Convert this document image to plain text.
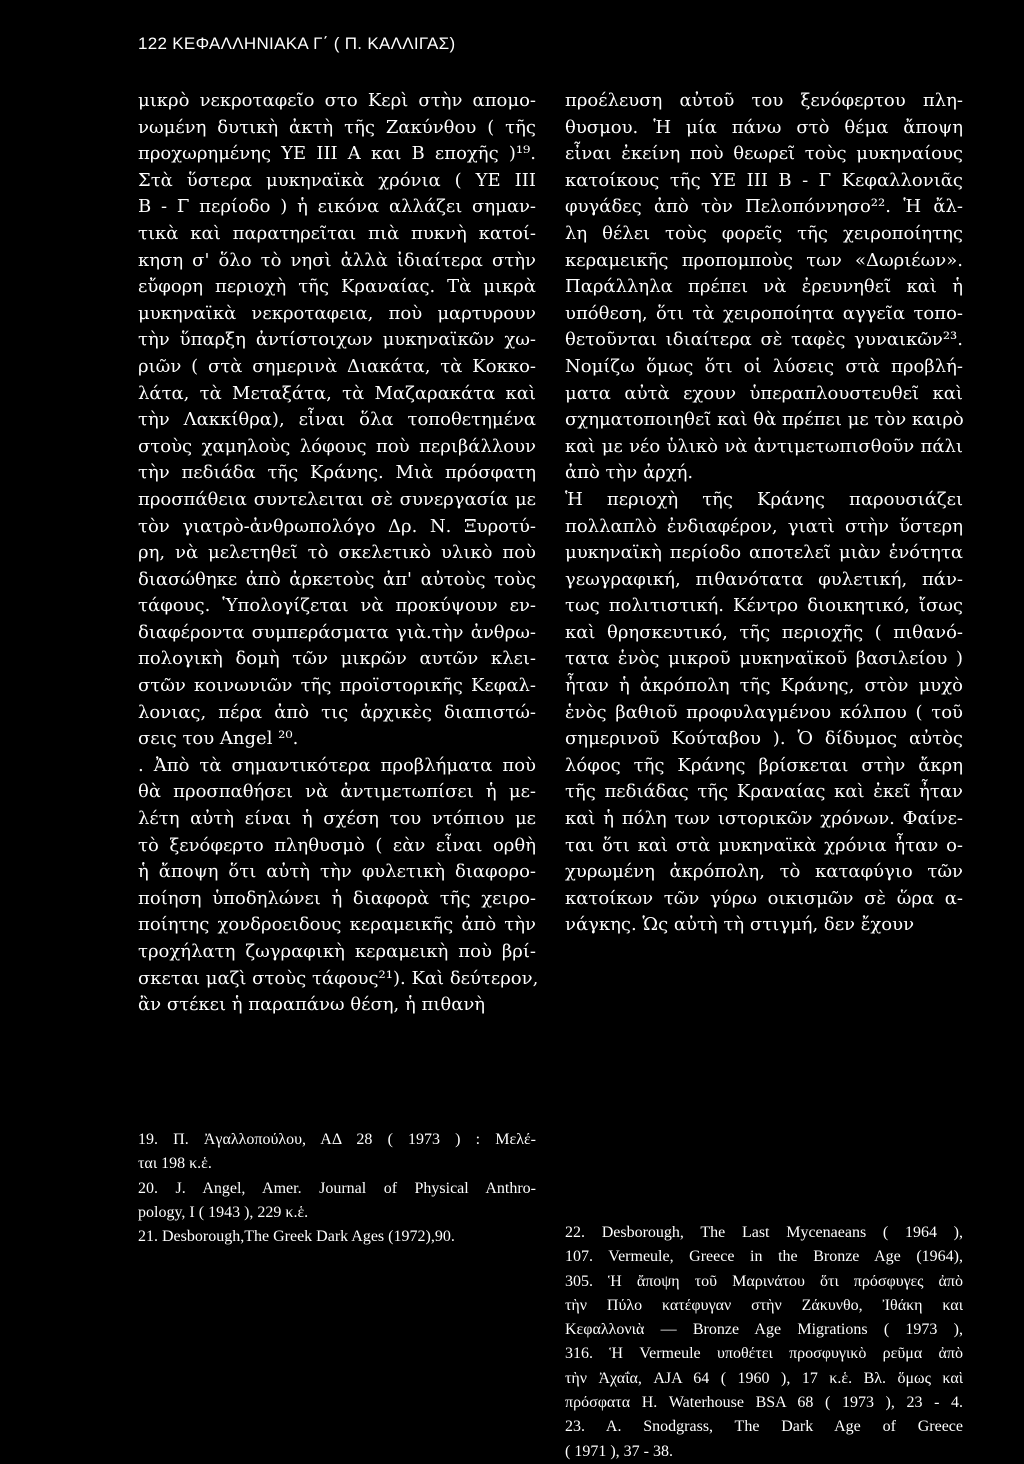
122 ΚΕΦΑΛΛΗΝΙΑΚΑ Γ΄ ( Π. ΚΑΛΛΙΓΑΣ)
μικρὸ νεκροταφεῖο στο Κερὶ στὴν απομο-
νωμένη δυτικὴ ἀκτὴ τῆς Ζακύνθου ( τῆς
προχωρημένης ΥΕ ΙΙΙ Α και Β εποχῆς )¹⁹.
Στὰ ὕστερα μυκηναϊκὰ χρόνια ( ΥΕ ΙΙΙ
Β - Γ περίοδο ) ἡ εικόνα αλλάζει σημαν-
τικὰ καὶ παρατηρεῖται πιὰ πυκνὴ κατοί-
κηση σ' ὅλο τὸ νησὶ ἀλλὰ ἰδιαίτερα στὴν
εὔφορη περιοχὴ τῆς Κραναίας. Τὰ μικρὰ
μυκηναϊκὰ νεκροταφεια, ποὺ μαρτυρουν
τὴν ὕπαρξη ἀντίστοιχων μυκηναϊκῶν χω-
ριῶν ( στὰ σημερινὰ Διακάτα, τὰ Κοκκο-
λάτα, τὰ Μεταξάτα, τὰ Μαζαρακάτα καὶ
τὴν Λακκίθρα), εἶναι ὅλα τοποθετημένα
στοὺς χαμηλοὺς λόφους ποὺ περιβάλλουν
τὴν πεδιάδα τῆς Κράνης. Μιὰ πρόσφατη
προσπάθεια συντελειται σὲ συνεργασία με
τὸν γιατρὸ-ἀνθρωπολόγο Δρ. Ν. Ξυροτύ-
ρη, νὰ μελετηθεῖ τὸ σκελετικὸ υλικὸ ποὺ
διασώθηκε ἀπὸ ἀρκετοὺς ἀπ' αὐτοὺς τοὺς
τάφους. Ὑπολογίζεται νὰ προκύψουν εν-
διαφέροντα συμπεράσματα γιὰ.τὴν ἀνθρω-
πολογικὴ δομὴ τῶν μικρῶν αυτῶν κλει-
στῶν κοινωνιῶν τῆς προϊστορικῆς Κεφαλ-
λονιας, πέρα ἀπὸ τις ἀρχικὲς διαπιστώ-
σεις του Angel ²⁰.
. Ἀπὸ τὰ σημαντικότερα προβλήματα ποὺ
θὰ προσπαθήσει νὰ ἀντιμετωπίσει ἡ με-
λέτη αὐτὴ είναι ἡ σχέση του ντόπιου με
τὸ ξενόφερτο πληθυσμὸ ( εὰν εἶναι ορθὴ
ἡ ἄποψη ὅτι αὐτὴ τὴν φυλετικὴ διαφορο-
ποίηση ὑποδηλώνει ἡ διαφορὰ τῆς χειρο-
ποίητης χονδροειδους κεραμεικῆς ἀπὸ τὴν
τροχήλατη ζωγραφικὴ κεραμεικὴ ποὺ βρί-
σκεται μαζὶ στοὺς τάφους²¹). Καὶ δεύτερον,
ἂν στέκει ἡ παραπάνω θέση, ἡ πιθανὴ
19. Π. Ἀγαλλοπούλου, ΑΔ 28 ( 1973 ) : Μελέ-
ται 198 κ.ἑ.
20. J. Angel, Amer. Journal of Physical Anthro-
pology, I ( 1943 ), 229 κ.ἑ.
21. Desborough,The Greek Dark Ages (1972),90.
προέλευση αὐτοῦ του ξενόφερτου πλη-
θυσμου. Ἡ μία πάνω στὸ θέμα ἄποψη
εἶναι ἐκείνη ποὺ θεωρεῖ τοὺς μυκηναίους
κατοίκους τῆς ΥΕ ΙΙΙ Β - Γ Κεφαλλονιᾶς
φυγάδες ἀπὸ τὸν Πελοπόννησο²². Ἡ ἄλ-
λη θέλει τοὺς φορεῖς τῆς χειροποίητης
κεραμεικῆς προπομποὺς των «Δωριέων».
Παράλληλα πρέπει νὰ ἐρευνηθεῖ καὶ ἡ
υπόθεση, ὅτι τὰ χειροποίητα αγγεῖα τοπο-
θετοῦνται ιδιαίτερα σὲ ταφὲς γυναικῶν²³.
Νομίζω ὅμως ὅτι οἱ λύσεις στὰ προβλή-
ματα αὐτὰ εχουν ὑπεραπλουστευθεῖ καὶ
σχηματοποιηθεῖ καὶ θὰ πρέπει με τὸν καιρὸ
καὶ με νέο ὑλικὸ νὰ ἀντιμετωπισθοῦν πάλι
ἀπὸ τὴν ἀρχή.
Ἡ περιοχὴ τῆς Κράνης παρουσιάζει
πολλαπλὸ ἐνδιαφέρον, γιατὶ στὴν ὕστερη
μυκηναϊκὴ περίοδο αποτελεῖ μιὰν ἑνότητα
γεωγραφική, πιθανότατα φυλετική, πάν-
τως πολιτιστική. Κέντρο διοικητικό, ἴσως
καὶ θρησκευτικό, τῆς περιοχῆς ( πιθανό-
τατα ἑνὸς μικροῦ μυκηναϊκοῦ βασιλείου )
ἦταν ἡ ἀκρόπολη τῆς Κράνης, στὸν μυχὸ
ἑνὸς βαθιοῦ προφυλαγμένου κόλπου ( τοῦ
σημερινοῦ Κούταβου ). Ὁ δίδυμος αὐτὸς
λόφος τῆς Κράνης βρίσκεται στὴν ἄκρη
τῆς πεδιάδας τῆς Κραναίας καὶ ἐκεῖ ἦταν
καὶ ἡ πόλη των ιστορικῶν χρόνων. Φαίνε-
ται ὅτι καὶ στὰ μυκηναϊκὰ χρόνια ἦταν ο-
χυρωμένη ἀκρόπολη, τὸ καταφύγιο τῶν
κατοίκων τῶν γύρω οικισμῶν σὲ ὥρα α-
νάγκης. Ὡς αὐτὴ τὴ στιγμή, δεν ἔχουν
22. Desborough, The Last Mycenaeans ( 1964 ),
107. Vermeule, Greece in the Bronze Age (1964),
305. Ἡ ἄποψη τοῦ Μαρινάτου ὅτι πρόσφυγες ἀπὸ
τὴν Πύλο κατέφυγαν στὴν Ζάκυνθο, Ἰθάκη και
Κεφαλλονιὰ — Bronze Age Migrations ( 1973 ),
316. Ἡ Vermeule υποθέτει προσφυγικὸ ρεῦμα ἀπὸ
τὴν Ἀχαΐα, AJA 64 ( 1960 ), 17 κ.ἑ. Βλ. ὅμως καὶ
πρόσφατα Η. Waterhouse BSA 68 ( 1973 ), 23 - 4.
23. A. Snodgrass, The Dark Age of Greece
( 1971 ), 37 - 38.
